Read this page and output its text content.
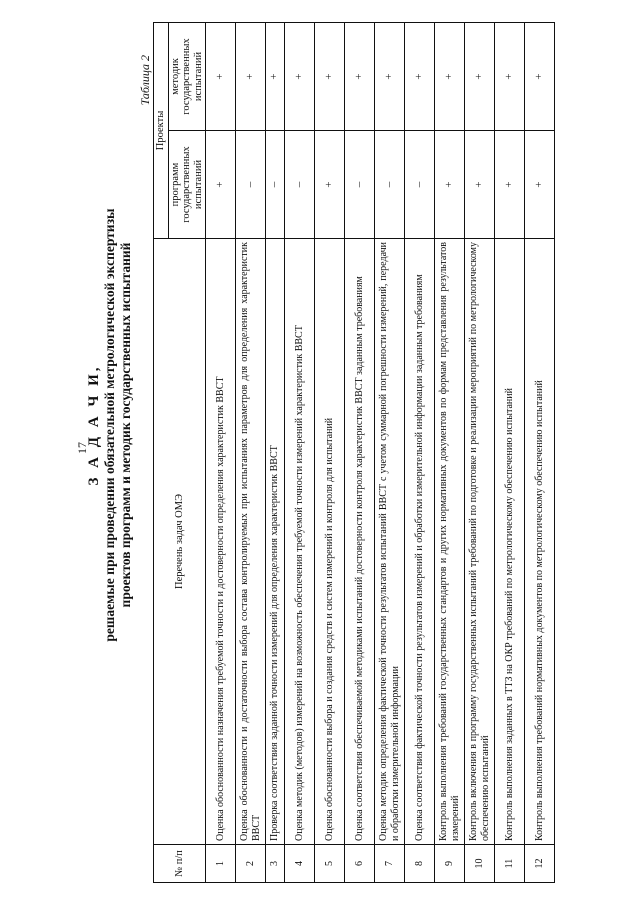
17
З А Д А Ч И, решаемые при проведении обязательной метрологической экспертизы проектов программ и методик государственных испытаний
Таблица 2
№ п/п	Перечень задач ОМЭ	Проекты	
		программ государственных испытаний	методик государственных испытаний
1	Оценка обоснованности назначения требуемой точности и достоверности определения характеристик ВВСТ	+	+
2	Оценка обоснованности и достаточности выбора состава контролируемых при испытаниях параметров для определения характеристик ВВСТ	–	+
3	Проверка соответствия заданной точности измерений для определения характеристик ВВСТ	–	+
4	Оценка методик (методов) измерений на возможность обеспечения требуемой точности измерений характеристик ВВСТ	–	+
5	Оценка обоснованности выбора и создания средств и систем измерений и контроля для испытаний	+	+
6	Оценка соответствия обеспечиваемой методиками испытаний достоверности контроля характеристик ВВСТ заданным требованиям	–	+
7	Оценка методик определения фактической точности результатов испытаний ВВСТ с учетом суммарной погрешности измерений, передачи и обработки измерительной информации	–	+
8	Оценка соответствия фактической точности результатов измерений и обработки измерительной информации заданным требованиям	–	+
9	Контроль выполнения требований государственных стандартов и других нормативных документов по формам представления результатов измерений	+	+
10	Контроль включения в программу государственных испытаний требований по подготовке и реализации мероприятий по метрологическому обеспечению испытаний	+	+
11	Контроль выполнения заданных в ТТЗ на ОКР требований по метрологическому обеспечению испытаний	+	+
12	Контроль выполнения требований нормативных документов по метрологическому обеспечению испытаний	+	+
